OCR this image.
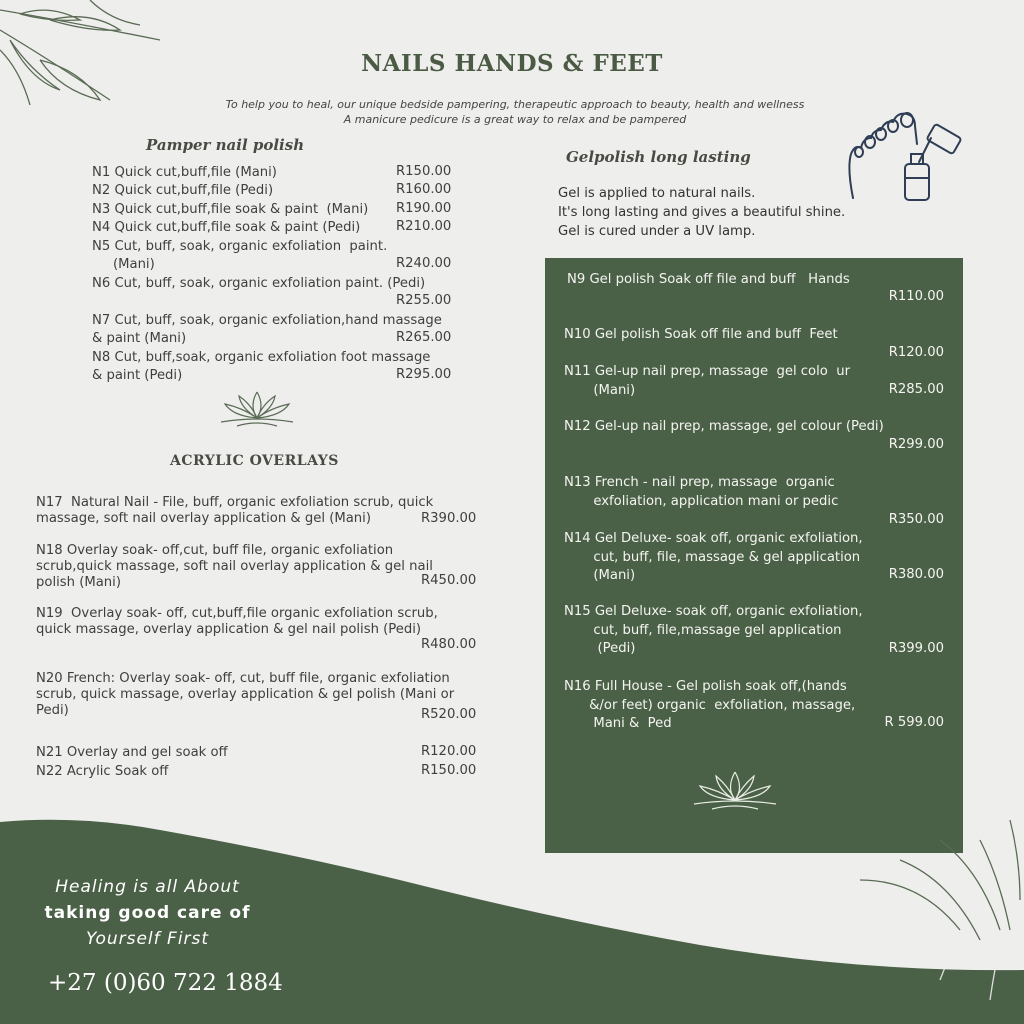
NAILS HANDS & FEET
To help you to heal, our unique bedside pampering, therapeutic approach to beauty, health and wellness
A manicure pedicure is a great way to relax and be pampered
Pamper nail polish
N1 Quick cut,buff,file (Mani)	R150.00
N2 Quick cut,buff,file (Pedi)	R160.00
N3 Quick cut,buff,file soak & paint  (Mani) R190.00
N4 Quick cut,buff,file soak & paint (Pedi)	R210.00
N5 Cut, buff, soak, organic exfoliation  paint.
(Mani)	R240.00
N6 Cut, buff, soak, organic exfoliation paint. (Pedi)
R255.00
N7 Cut, buff, soak, organic exfoliation,hand massage
& paint (Mani)	R265.00
N8 Cut, buff,soak, organic exfoliation foot massage
& paint (Pedi)	R295.00
ACRYLIC OVERLAYS
N17  Natural Nail - File, buff, organic exfoliation scrub, quick
massage, soft nail overlay application & gel (Mani)	R390.00
N18 Overlay soak- off,cut, buff file, organic exfoliation
scrub,quick massage, soft nail overlay application & gel nail
polish (Mani)	R450.00
N19  Overlay soak- off, cut,buff,file organic exfoliation scrub,
quick massage, overlay application & gel nail polish (Pedi)
R480.00
N20 French: Overlay soak- off, cut, buff file, organic exfoliation
scrub, quick massage, overlay application & gel polish (Mani or
Pedi)	R520.00
N21 Overlay and gel soak off	R120.00
N22 Acrylic Soak off	R150.00
Gelpolish long lasting
Gel is applied to natural nails.
It's long lasting and gives a beautiful shine.
Gel is cured under a UV lamp.
N9 Gel polish Soak off file and buff   Hands
R110.00
N10 Gel polish Soak off file and buff  Feet
R120.00
N11 Gel-up nail prep, massage  gel colo  ur
(Mani)	R285.00
N12 Gel-up nail prep, massage, gel colour (Pedi)
R299.00
N13 French - nail prep, massage  organic
exfoliation, application mani or pedic
R350.00
N14 Gel Deluxe- soak off, organic exfoliation,
cut, buff, file, massage & gel application
(Mani)	R380.00
N15 Gel Deluxe- soak off, organic exfoliation,
cut, buff, file,massage gel application
(Pedi)	R399.00
N16 Full House - Gel polish soak off,(hands
&/or feet) organic  exfoliation, massage,
Mani &  Ped	R 599.00
Healing is all About
taking good care of
Yourself First
+27 (0)60 722 1884
